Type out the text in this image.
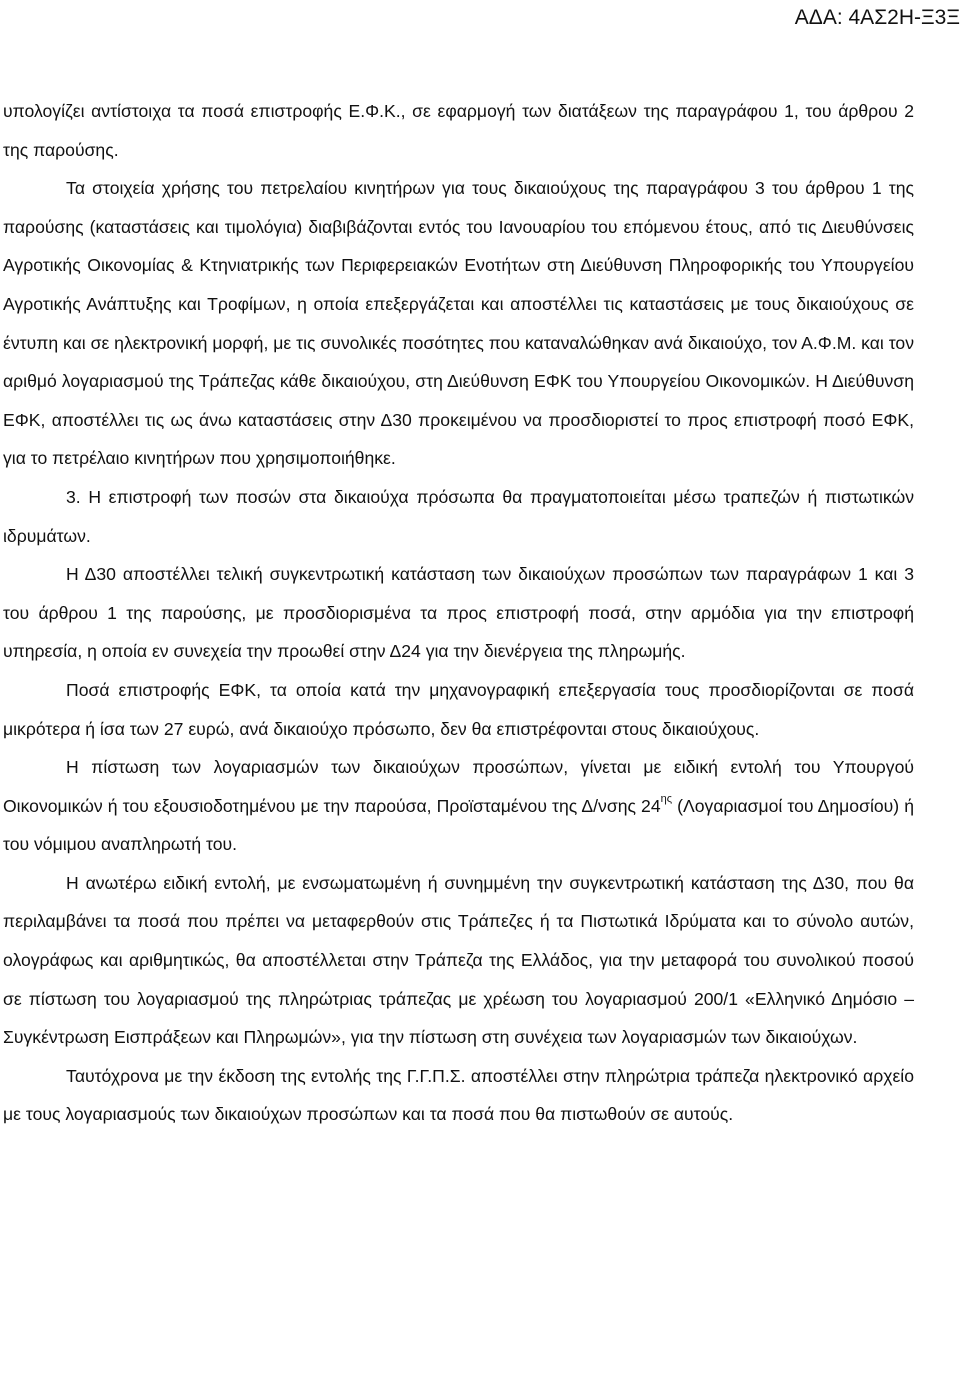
ΑΔΑ: 4ΑΣ2Η-Ξ3Ξ

υπολογίζει αντίστοιχα τα ποσά επιστροφής Ε.Φ.Κ., σε εφαρμογή των διατάξεων της παραγράφου 1, του άρθρου 2 της παρούσης.

Τα στοιχεία χρήσης του πετρελαίου κινητήρων για τους δικαιούχους της παραγράφου 3 του άρθρου 1 της παρούσης (καταστάσεις και τιμολόγια) διαβιβάζονται εντός του Ιανουαρίου του επόμενου έτους, από τις Διευθύνσεις Αγροτικής Οικονομίας & Κτηνιατρικής των Περιφερειακών Ενοτήτων στη Διεύθυνση Πληροφορικής του Υπουργείου Αγροτικής Ανάπτυξης και Τροφίμων, η οποία επεξεργάζεται και αποστέλλει τις καταστάσεις με τους δικαιούχους σε έντυπη και σε ηλεκτρονική μορφή, με τις συνολικές ποσότητες που καταναλώθηκαν ανά δικαιούχο, τον Α.Φ.Μ. και τον αριθμό λογαριασμού της Τράπεζας κάθε δικαιούχου, στη Διεύθυνση ΕΦΚ του Υπουργείου Οικονομικών. Η Διεύθυνση ΕΦΚ, αποστέλλει τις ως άνω καταστάσεις στην Δ30 προκειμένου να προσδιοριστεί το προς επιστροφή ποσό ΕΦΚ, για το πετρέλαιο κινητήρων που χρησιμοποιήθηκε.

3. Η επιστροφή των ποσών στα δικαιούχα πρόσωπα θα πραγματοποιείται μέσω τραπεζών ή πιστωτικών ιδρυμάτων.

Η Δ30 αποστέλλει τελική συγκεντρωτική κατάσταση των δικαιούχων προσώπων των παραγράφων 1 και 3 του άρθρου 1 της παρούσης, με προσδιορισμένα τα προς επιστροφή ποσά, στην αρμόδια για την επιστροφή υπηρεσία, η οποία εν συνεχεία την προωθεί στην Δ24 για την διενέργεια της πληρωμής.

Ποσά επιστροφής ΕΦΚ, τα οποία κατά την μηχανογραφική επεξεργασία τους προσδιορίζονται σε ποσά μικρότερα ή ίσα των 27 ευρώ, ανά δικαιούχο πρόσωπο, δεν θα επιστρέφονται στους δικαιούχους.

Η πίστωση των λογαριασμών των δικαιούχων προσώπων, γίνεται με ειδική εντολή του Υπουργού Οικονομικών ή του εξουσιοδοτημένου με την παρούσα, Προϊσταμένου της Δ/νσης $24^{\eta\varsigma}$ (Λογαριασμοί του Δημοσίου) ή του νόμιμου αναπληρωτή του.

Η ανωτέρω ειδική εντολή, με ενσωματωμένη ή συνημμένη την συγκεντρωτική κατάσταση της Δ30, που θα περιλαμβάνει τα ποσά που πρέπει να μεταφερθούν στις Τράπεζες ή τα Πιστωτικά Ιδρύματα και το σύνολο αυτών, ολογράφως και αριθμητικώς, θα αποστέλλεται στην Τράπεζα της Ελλάδος, για την μεταφορά του συνολικού ποσού σε πίστωση του λογαριασμού της πληρώτριας τράπεζας με χρέωση του λογαριασμού 200/1 «Ελληνικό Δημόσιο – Συγκέντρωση Εισπράξεων και Πληρωμών», για την πίστωση στη συνέχεια των λογαριασμών των δικαιούχων.

Ταυτόχρονα με την έκδοση της εντολής της Γ.Γ.Π.Σ. αποστέλλει στην πληρώτρια τράπεζα ηλεκτρονικό αρχείο με τους λογαριασμούς των δικαιούχων προσώπων και τα ποσά που θα πιστωθούν σε αυτούς.
